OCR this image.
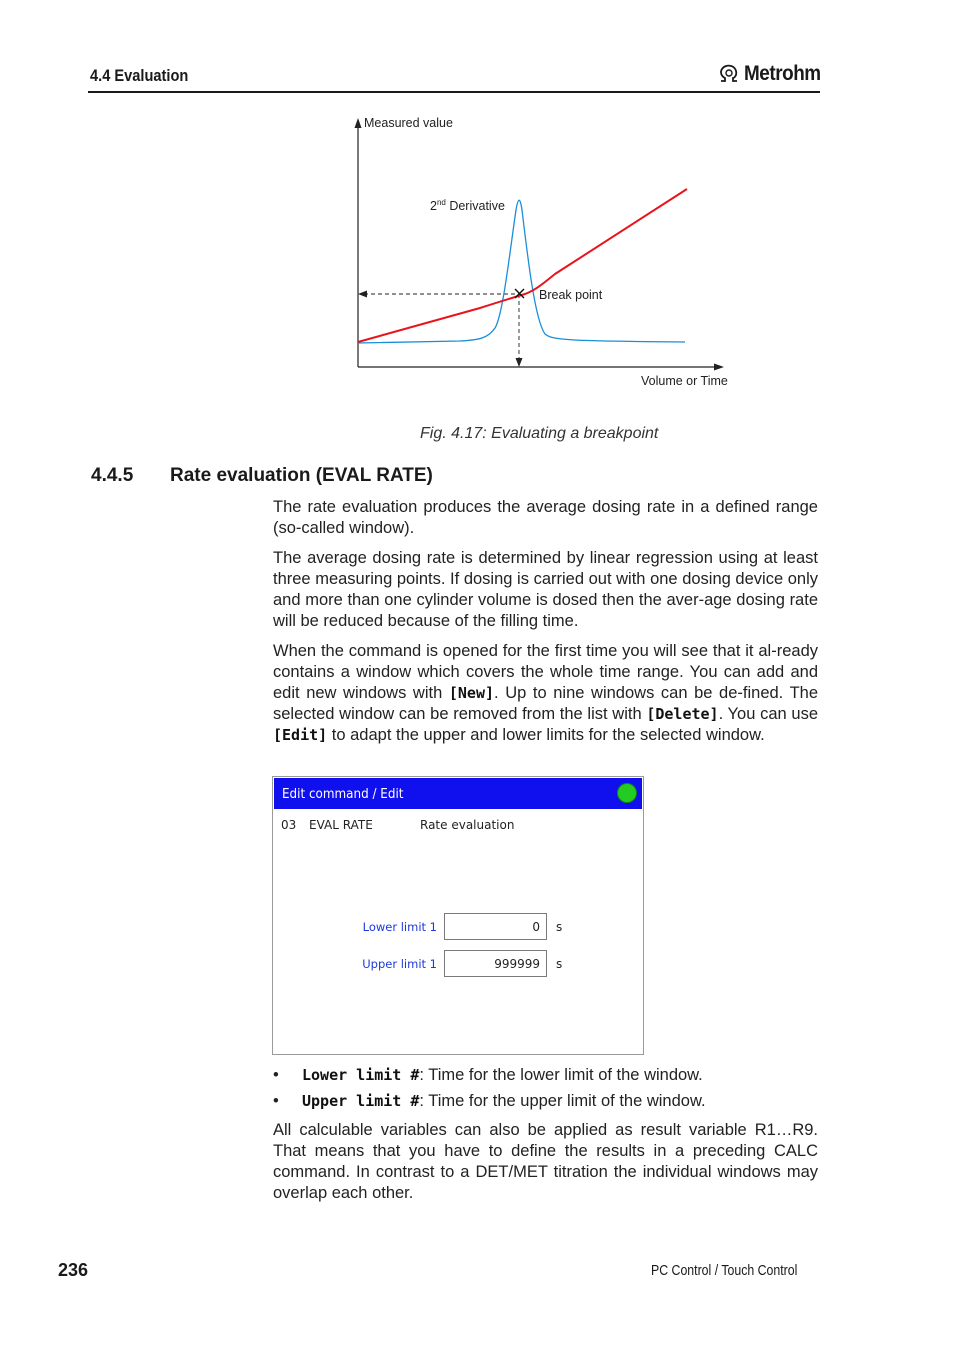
4.4 Evaluation	Metrohm
Measured value
Volume or Time
2nd Derivative
Break point
Fig. 4.17: Evaluating a breakpoint
4.4.5 Rate evaluation (EVAL RATE)
The rate evaluation produces the average dosing rate in a defined range (so-called window).
The average dosing rate is determined by linear regression using at least three measuring points. If dosing is carried out with one dosing device only and more than one cylinder volume is dosed then the aver-age dosing rate will be reduced because of the filling time.
When the command is opened for the first time you will see that it al-ready contains a window which covers the whole time range. You can add and edit new windows with [New]. Up to nine windows can be de-fined. The selected window can be removed from the list with [Delete]. You can use [Edit] to adapt the upper and lower limits for the selected window.
Edit command / Edit
03 EVAL RATE	Rate evaluation
Lower limit 1	0	s
Upper limit 1	999999	s
• Lower limit #: Time for the lower limit of the window.
• Upper limit #: Time for the upper limit of the window.
All calculable variables can also be applied as result variable R1…R9. That means that you have to define the results in a preceding CALC command. In contrast to a DET/MET titration the individual windows may overlap each other.
236	PC Control / Touch Control
